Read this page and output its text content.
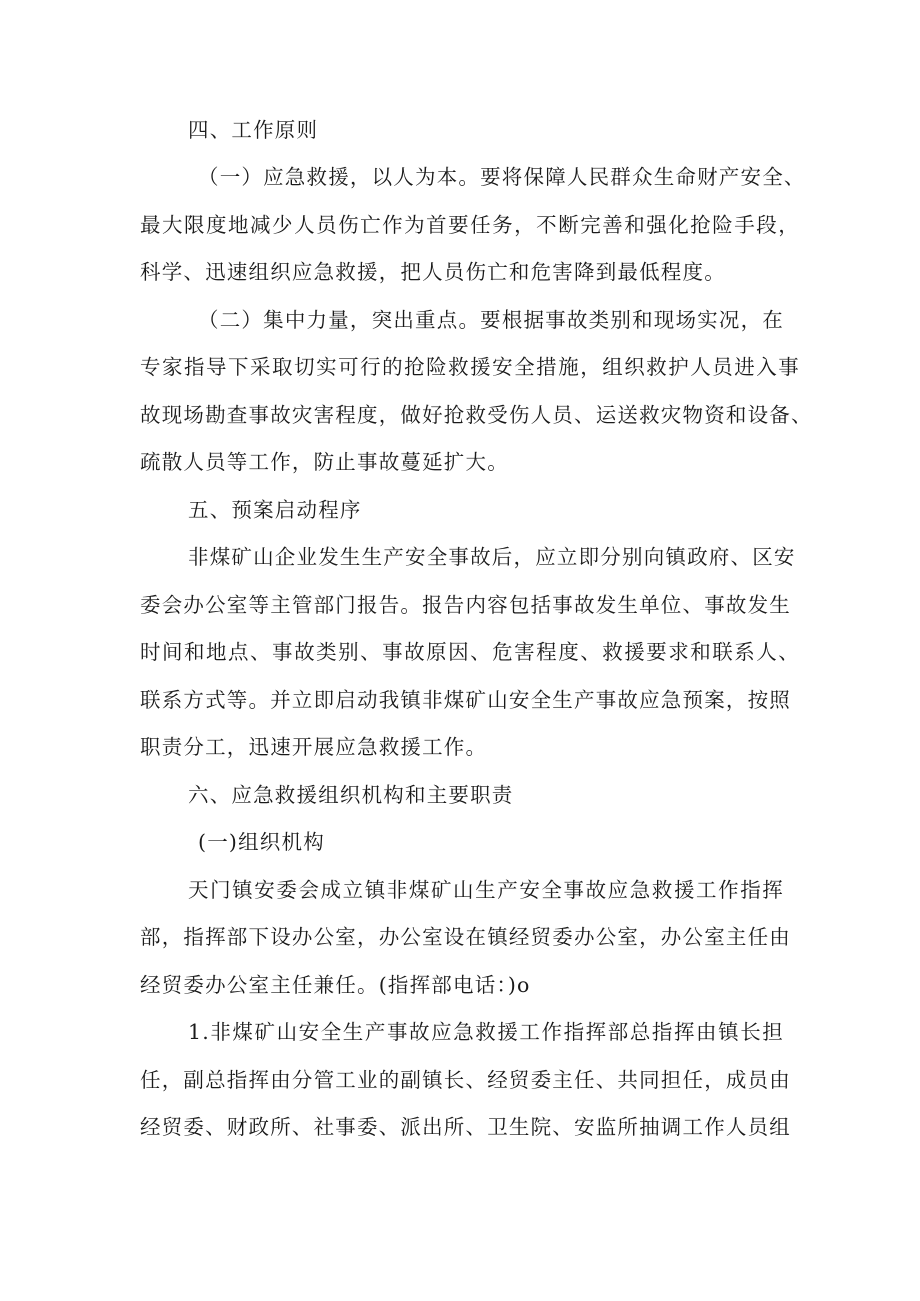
四、工作原则
（一）应急救援，以人为本。要将保障人民群众生命财产安全、
最大限度地减少人员伤亡作为首要任务，不断完善和强化抢险手段，
科学、迅速组织应急救援，把人员伤亡和危害降到最低程度。
（二）集中力量，突出重点。要根据事故类别和现场实况，在
专家指导下采取切实可行的抢险救援安全措施，组织救护人员进入事
故现场勘查事故灾害程度，做好抢救受伤人员、运送救灾物资和设备、
疏散人员等工作，防止事故蔓延扩大。
五、预案启动程序
非煤矿山企业发生生产安全事故后，应立即分别向镇政府、区安
委会办公室等主管部门报告。报告内容包括事故发生单位、事故发生
时间和地点、事故类别、事故原因、危害程度、救援要求和联系人、
联系方式等。并立即启动我镇非煤矿山安全生产事故应急预案，按照
职责分工，迅速开展应急救援工作。
六、应急救援组织机构和主要职责
(一)组织机构
天门镇安委会成立镇非煤矿山生产安全事故应急救援工作指挥
部，指挥部下设办公室，办公室设在镇经贸委办公室，办公室主任由
经贸委办公室主任兼任。(指挥部电话：)o
1.非煤矿山安全生产事故应急救援工作指挥部总指挥由镇长担
任，副总指挥由分管工业的副镇长、经贸委主任、共同担任，成员由
经贸委、财政所、社事委、派出所、卫生院、安监所抽调工作人员组
